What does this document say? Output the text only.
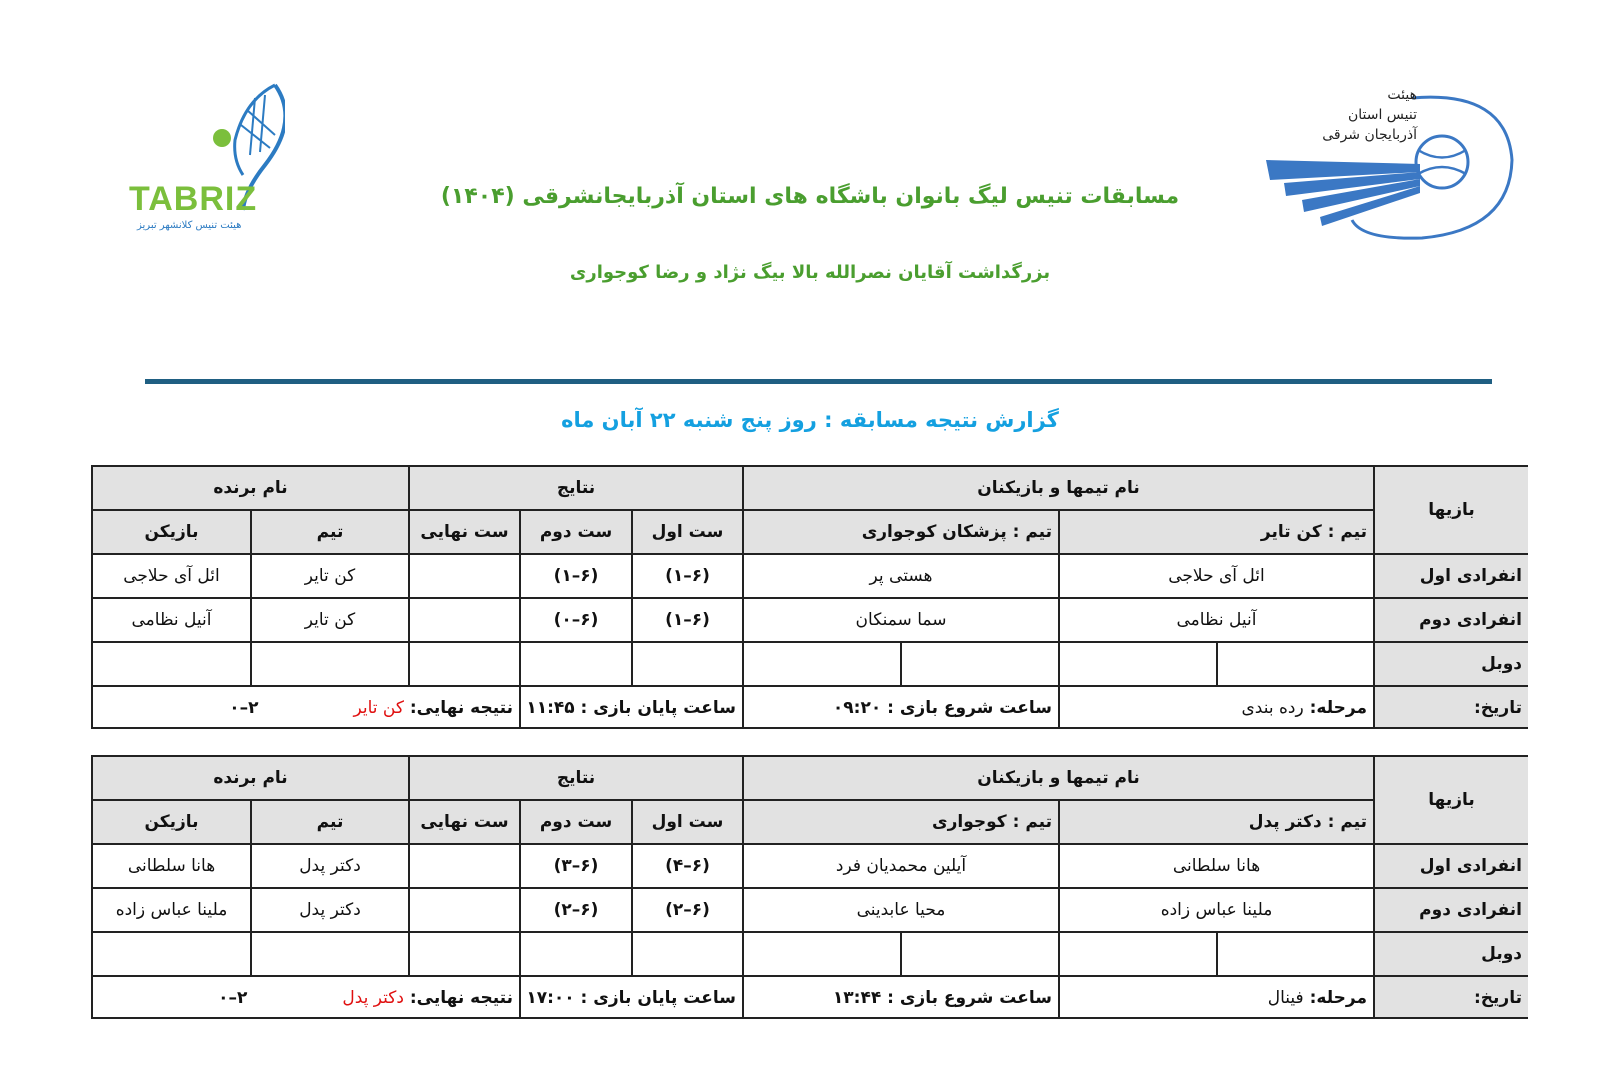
هیئت
تنیس استان
آذربایجان شرقی
TABRIZ
هیئت تنیس کلانشهر تبریز
مسابقات تنیس لیگ بانوان باشگاه های استان آذربایجانشرقی (۱۴۰۴)
بزرگداشت آقایان نصرالله بالا بیگ نژاد و رضا کوجواری
گزارش نتیجه مسابقه : روز پنج شنبه ۲۲ آبان ماه
بازیها
نام تیمها و بازیکنان
نتایج
نام برنده
تیم : کن تایر
تیم : پزشکان کوجواری
ست اول
ست دوم
ست نهایی
تیم
بازیکن
انفرادی اول
ائل آی حلاجی
هستی پر
(۶–۱)
(۶–۱)
کن تایر
ائل آی حلاجی
انفرادی دوم
آنیل نظامی
سما سمنکان
(۶–۱)
(۶–۰)
کن تایر
آنیل نظامی
دوبل
تاریخ:
مرحله:

رده بندی
ساعت شروع بازی :

۰۹:۲۰
ساعت پایان بازی :

۱۱:۴۵
نتیجه نهایی:

کن تایر
۲–۰
بازیها
نام تیمها و بازیکنان
نتایج
نام برنده
تیم : دکتر پدل
تیم : کوجواری
ست اول
ست دوم
ست نهایی
تیم
بازیکن
انفرادی اول
هانا سلطانی
آیلین محمدیان فرد
(۶–۴)
(۶–۳)
دکتر پدل
هانا سلطانی
انفرادی دوم
ملینا عباس زاده
محیا عابدینی
(۶–۲)
(۶–۲)
دکتر پدل
ملینا عباس زاده
دوبل
تاریخ:
مرحله:

فینال
ساعت شروع بازی :

۱۳:۴۴
ساعت پایان بازی :

۱۷:۰۰
نتیجه نهایی:

دکتر پدل
۲–۰
